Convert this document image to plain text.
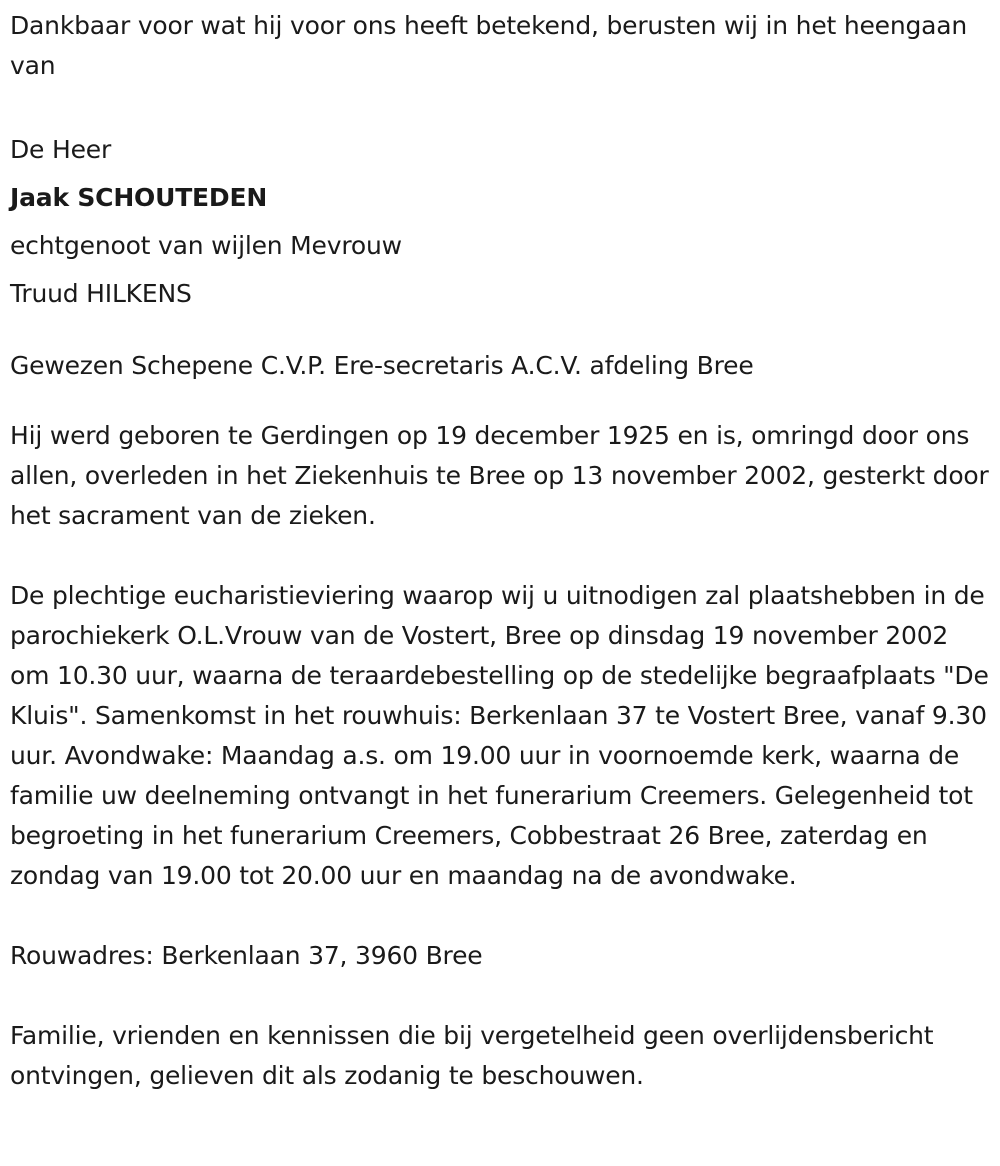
Dankbaar voor wat hij voor ons heeft betekend, berusten wij in het heengaan van

De Heer

Jaak SCHOUTEDEN

echtgenoot van wijlen Mevrouw

Truud HILKENS

Gewezen Schepene C.V.P. Ere-secretaris A.C.V. afdeling Bree

Hij werd geboren te Gerdingen op 19 december 1925 en is, omringd door ons allen, overleden in het Ziekenhuis te Bree op 13 november 2002, gesterkt door het sacrament van de zieken.

De plechtige eucharistieviering waarop wij u uitnodigen zal plaatshebben in de parochiekerk O.L.Vrouw van de Vostert, Bree op dinsdag 19 november 2002 om 10.30 uur, waarna de teraardebestelling op de stedelijke begraafplaats "De Kluis". Samenkomst in het rouwhuis: Berkenlaan 37 te Vostert Bree, vanaf 9.30 uur. Avondwake: Maandag a.s. om 19.00 uur in voornoemde kerk, waarna de familie uw deelneming ontvangt in het funerarium Creemers. Gelegenheid tot begroeting in het funerarium Creemers, Cobbestraat 26 Bree, zaterdag en zondag van 19.00 tot 20.00 uur en maandag na de avondwake.

Rouwadres: Berkenlaan 37, 3960 Bree

Familie, vrienden en kennissen die bij vergetelheid geen overlijdensbericht ontvingen, gelieven dit als zodanig te beschouwen.
